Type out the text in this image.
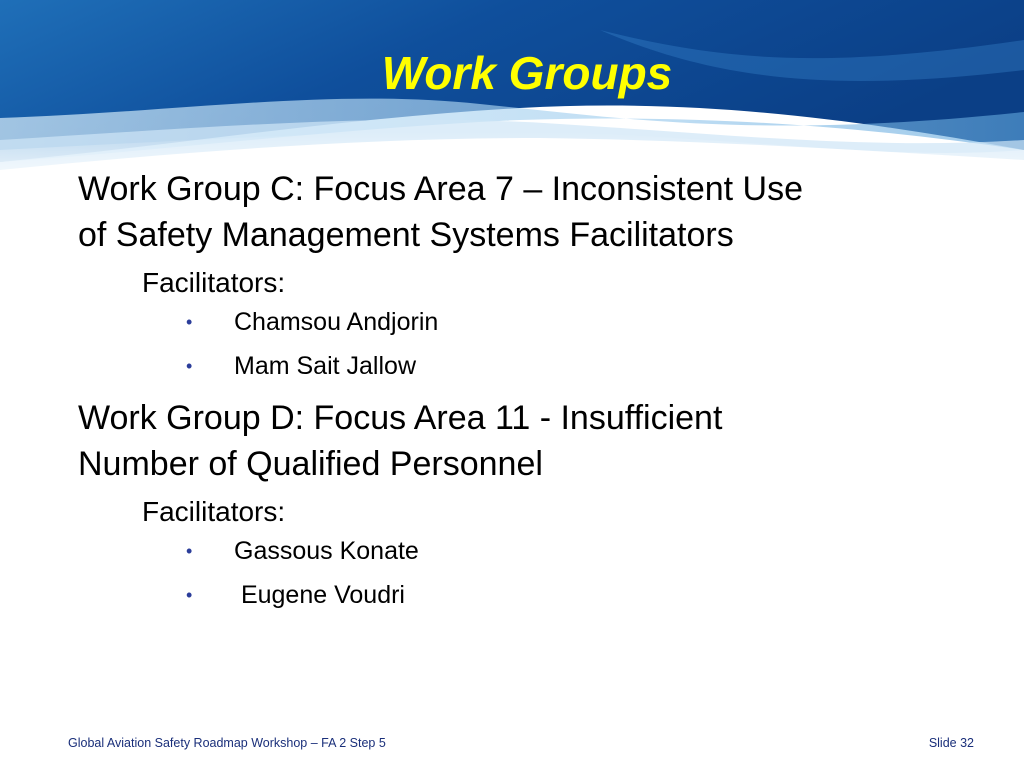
Work Groups
Work Group C: Focus Area 7 – Inconsistent Use
of Safety Management Systems Facilitators
Facilitators:
• Chamsou Andjorin
• Mam Sait Jallow
Work Group D: Focus Area 11 - Insufficient
Number of Qualified Personnel
Facilitators:
• Gassous Konate
• Eugene Voudri
Global Aviation Safety Roadmap Workshop – FA 2 Step 5	Slide 32
